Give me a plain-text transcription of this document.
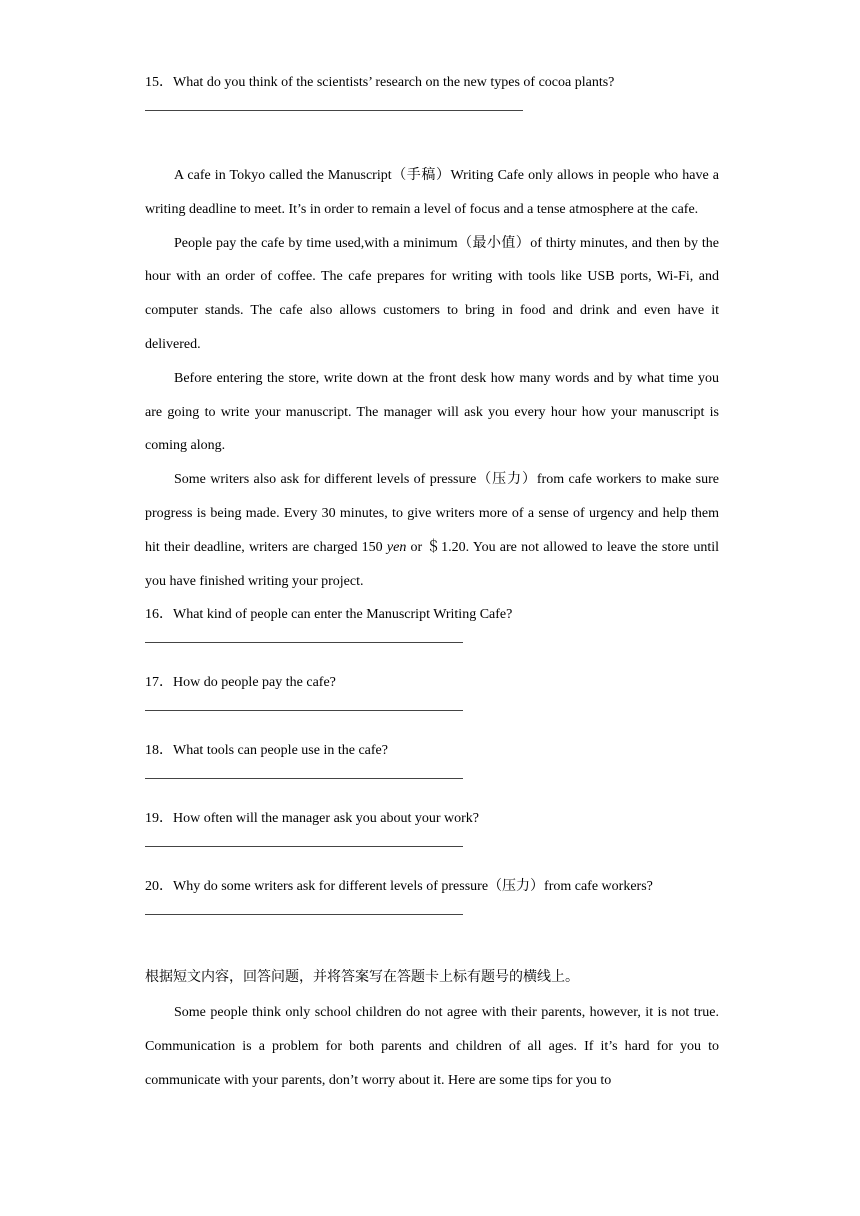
15．What do you think of the scientists’ research on the new types of cocoa plants?

A cafe in Tokyo called the Manuscript（手稿）Writing Cafe only allows in people who have a writing deadline to meet. It’s in order to remain a level of focus and a tense atmosphere at the cafe.

People pay the cafe by time used,with a minimum（最小值）of thirty minutes, and then by the hour with an order of coffee. The cafe prepares for writing with tools like USB ports, Wi-Fi, and computer stands. The cafe also allows customers to bring in food and drink and even have it delivered.

Before entering the store, write down at the front desk how many words and by what time you are going to write your manuscript. The manager will ask you every hour how your manuscript is coming along.

Some writers also ask for different levels of pressure（压力）from cafe workers to make sure progress is being made. Every 30 minutes, to give writers more of a sense of urgency and help them hit their deadline, writers are charged 150 yen or ＄1.20. You are not allowed to leave the store until you have finished writing your project.

16．What kind of people can enter the Manuscript Writing Cafe?
17．How do people pay the cafe?
18．What tools can people use in the cafe?
19．How often will the manager ask you about your work?
20．Why do some writers ask for different levels of pressure（压力）from cafe workers?
根据短文内容，回答问题，并将答案写在答题卡上标有题号的横线上。

Some people think only school children do not agree with their parents, however, it is not true. Communication is a problem for both parents and children of all ages. If it’s hard for you to communicate with your parents, don’t worry about it. Here are some tips for you to
